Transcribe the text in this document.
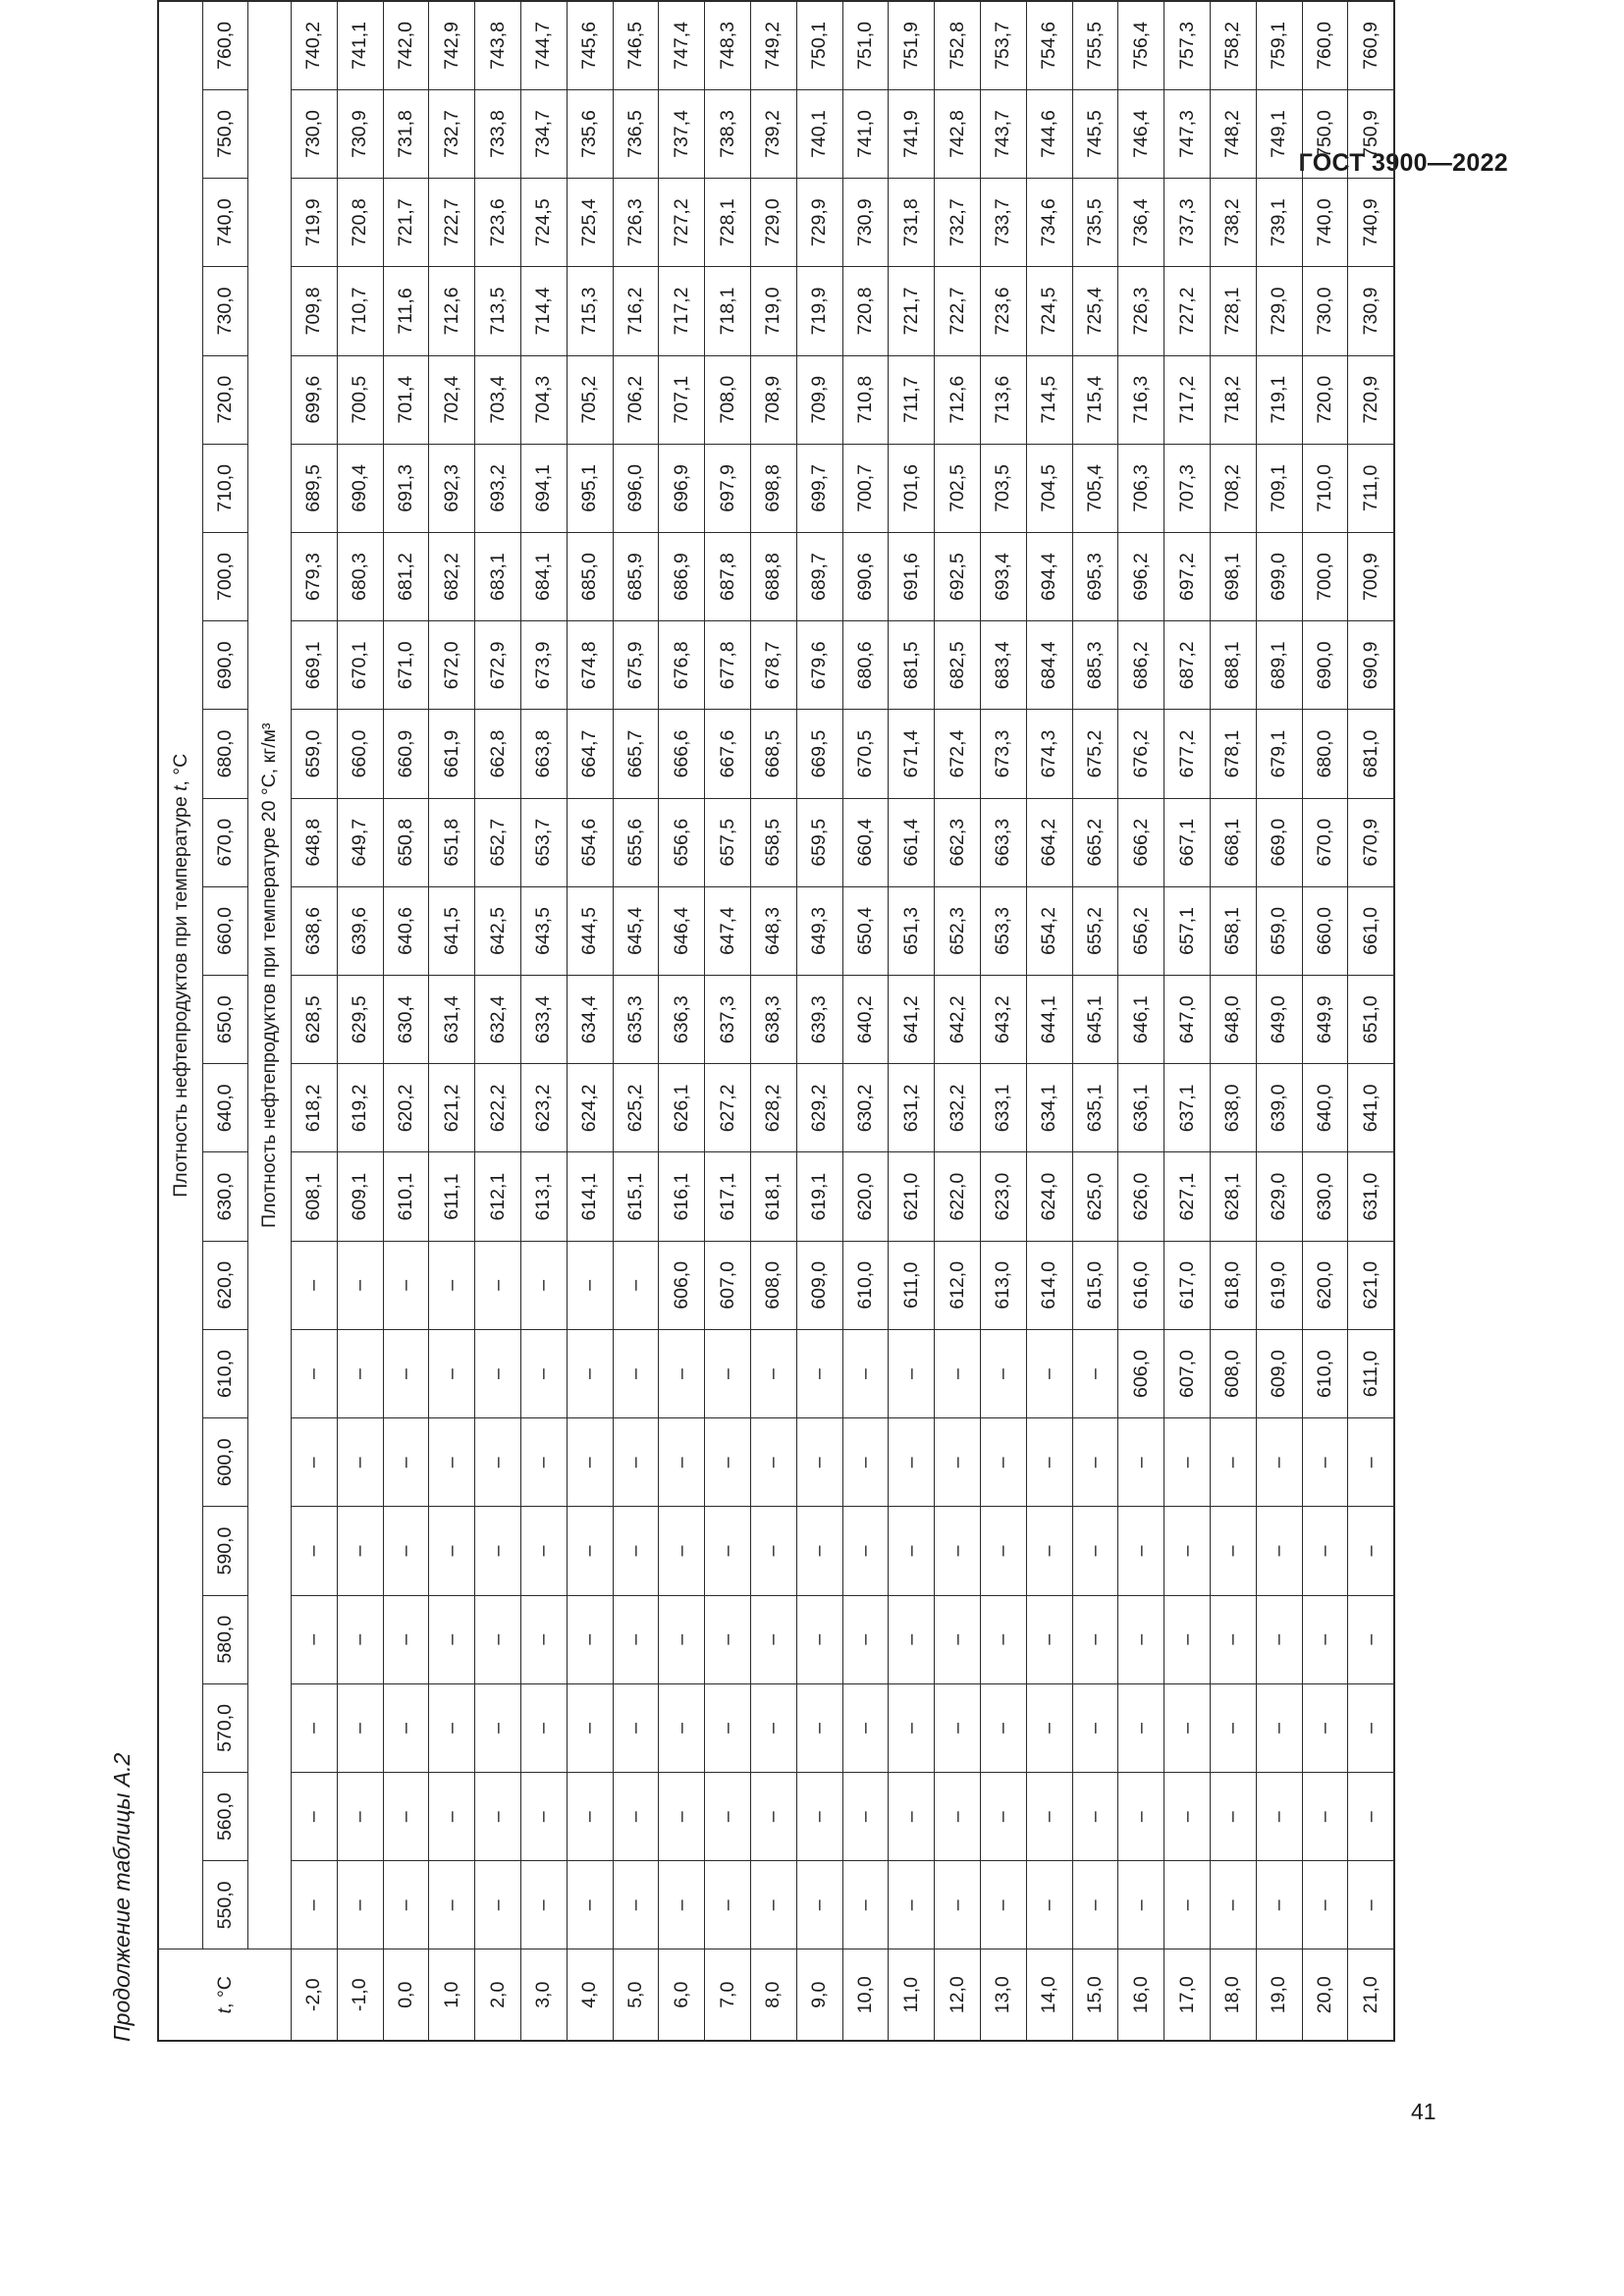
ГОСТ 3900—2022
Продолжение таблицы А.2	t, °С	Плотность нефтепродуктов при температуре t, °С																					
	550,0	560,0	570,0	580,0	590,0	600,0	610,0	620,0	630,0	640,0	650,0	660,0	670,0	680,0	690,0	700,0	710,0	720,0	730,0	740,0	750,0	760,0
	Плотность нефтепродуктов при температуре 20 °С, кг/м³																					
-2,0	–	–	–	–	–	–	–	–	608,1	618,2	628,5	638,6	648,8	659,0	669,1	679,3	689,5	699,6	709,8	719,9	730,0	740,2
-1,0	–	–	–	–	–	–	–	–	609,1	619,2	629,5	639,6	649,7	660,0	670,1	680,3	690,4	700,5	710,7	720,8	730,9	741,1
0,0	–	–	–	–	–	–	–	–	610,1	620,2	630,4	640,6	650,8	660,9	671,0	681,2	691,3	701,4	711,6	721,7	731,8	742,0
1,0	–	–	–	–	–	–	–	–	611,1	621,2	631,4	641,5	651,8	661,9	672,0	682,2	692,3	702,4	712,6	722,7	732,7	742,9
2,0	–	–	–	–	–	–	–	–	612,1	622,2	632,4	642,5	652,7	662,8	672,9	683,1	693,2	703,4	713,5	723,6	733,8	743,8
3,0	–	–	–	–	–	–	–	–	613,1	623,2	633,4	643,5	653,7	663,8	673,9	684,1	694,1	704,3	714,4	724,5	734,7	744,7
4,0	–	–	–	–	–	–	–	–	614,1	624,2	634,4	644,5	654,6	664,7	674,8	685,0	695,1	705,2	715,3	725,4	735,6	745,6
5,0	–	–	–	–	–	–	–	–	615,1	625,2	635,3	645,4	655,6	665,7	675,9	685,9	696,0	706,2	716,2	726,3	736,5	746,5
6,0	–	–	–	–	–	–	–	606,0	616,1	626,1	636,3	646,4	656,6	666,6	676,8	686,9	696,9	707,1	717,2	727,2	737,4	747,4
7,0	–	–	–	–	–	–	–	607,0	617,1	627,2	637,3	647,4	657,5	667,6	677,8	687,8	697,9	708,0	718,1	728,1	738,3	748,3
8,0	–	–	–	–	–	–	–	608,0	618,1	628,2	638,3	648,3	658,5	668,5	678,7	688,8	698,8	708,9	719,0	729,0	739,2	749,2
9,0	–	–	–	–	–	–	–	609,0	619,1	629,2	639,3	649,3	659,5	669,5	679,6	689,7	699,7	709,9	719,9	729,9	740,1	750,1
10,0	–	–	–	–	–	–	–	610,0	620,0	630,2	640,2	650,4	660,4	670,5	680,6	690,6	700,7	710,8	720,8	730,9	741,0	751,0
11,0	–	–	–	–	–	–	–	611,0	621,0	631,2	641,2	651,3	661,4	671,4	681,5	691,6	701,6	711,7	721,7	731,8	741,9	751,9
12,0	–	–	–	–	–	–	–	612,0	622,0	632,2	642,2	652,3	662,3	672,4	682,5	692,5	702,5	712,6	722,7	732,7	742,8	752,8
13,0	–	–	–	–	–	–	–	613,0	623,0	633,1	643,2	653,3	663,3	673,3	683,4	693,4	703,5	713,6	723,6	733,7	743,7	753,7
14,0	–	–	–	–	–	–	–	614,0	624,0	634,1	644,1	654,2	664,2	674,3	684,4	694,4	704,5	714,5	724,5	734,6	744,6	754,6
15,0	–	–	–	–	–	–	–	615,0	625,0	635,1	645,1	655,2	665,2	675,2	685,3	695,3	705,4	715,4	725,4	735,5	745,5	755,5
16,0	–	–	–	–	–	–	606,0	616,0	626,0	636,1	646,1	656,2	666,2	676,2	686,2	696,2	706,3	716,3	726,3	736,4	746,4	756,4
17,0	–	–	–	–	–	–	607,0	617,0	627,1	637,1	647,0	657,1	667,1	677,2	687,2	697,2	707,3	717,2	727,2	737,3	747,3	757,3
18,0	–	–	–	–	–	–	608,0	618,0	628,1	638,0	648,0	658,1	668,1	678,1	688,1	698,1	708,2	718,2	728,1	738,2	748,2	758,2
19,0	–	–	–	–	–	–	609,0	619,0	629,0	639,0	649,0	659,0	669,0	679,1	689,1	699,0	709,1	719,1	729,0	739,1	749,1	759,1
20,0	–	–	–	–	–	–	610,0	620,0	630,0	640,0	649,9	660,0	670,0	680,0	690,0	700,0	710,0	720,0	730,0	740,0	750,0	760,0
21,0	–	–	–	–	–	–	611,0	621,0	631,0	641,0	651,0	661,0	670,9	681,0	690,9	700,9	711,0	720,9	730,9	740,9	750,9	760,9
41
